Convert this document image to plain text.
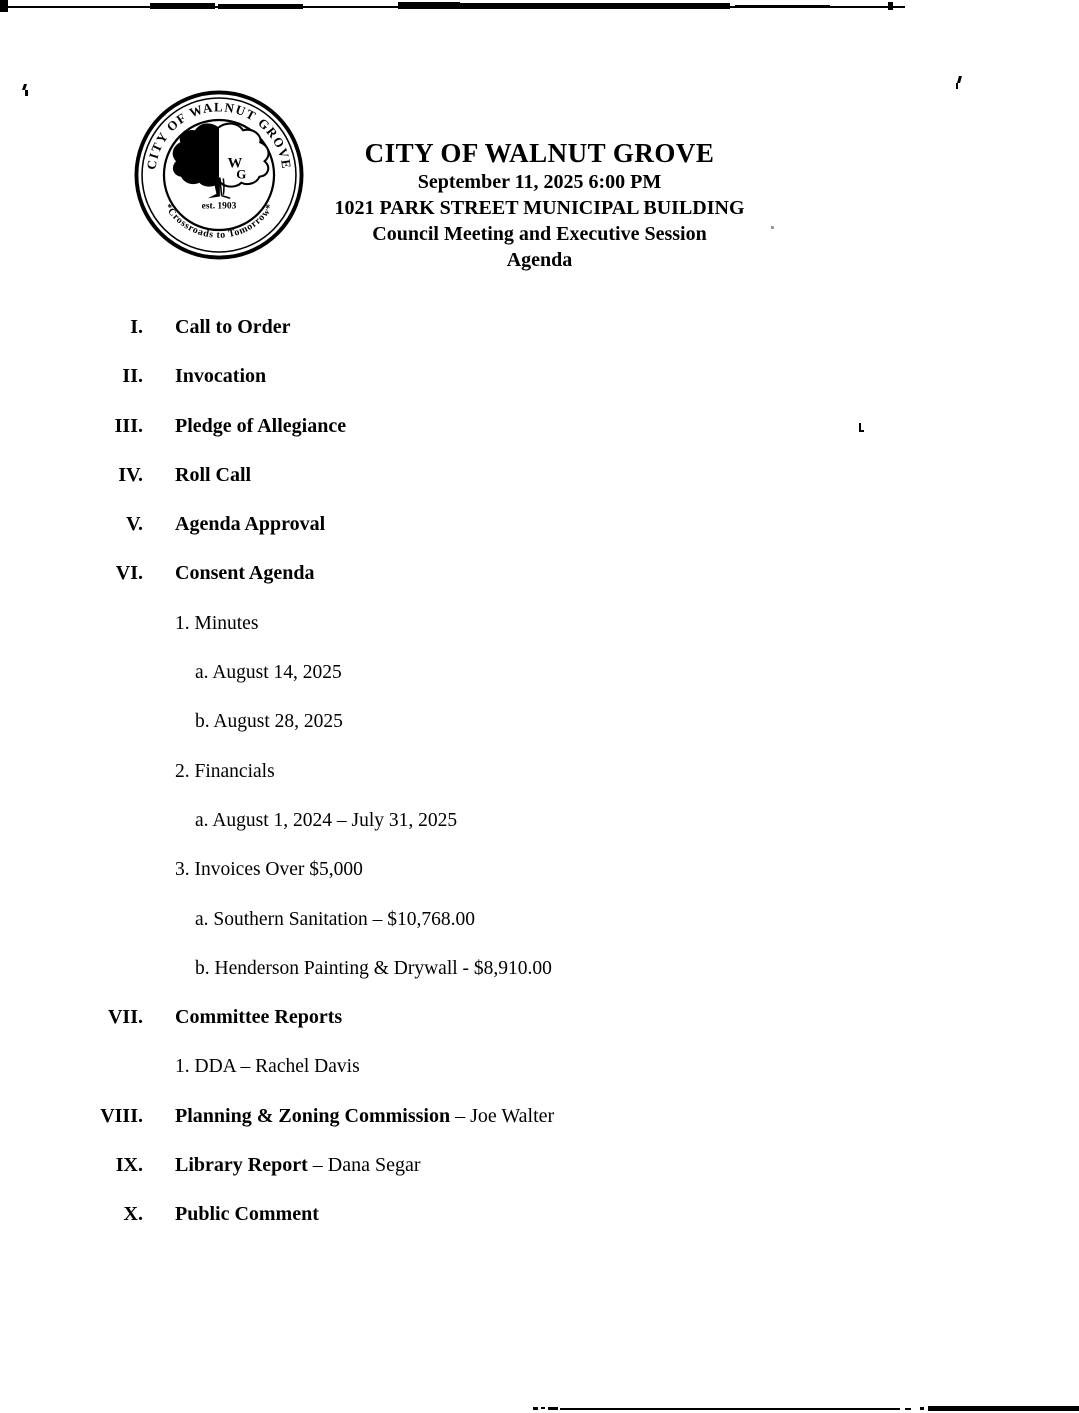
CITY OF WALNUT GROVE
*Crossroads to Tomorrow*
W
G
est. 1903
CITY OF WALNUT GROVE
September 11, 2025 6:00 PM
1021 PARK STREET MUNICIPAL BUILDING
Council Meeting and Executive Session
Agenda
I. Call to Order
II. Invocation
III. Pledge of Allegiance
IV. Roll Call
V. Agenda Approval
VI. Consent Agenda
1. Minutes
a. August 14, 2025
b. August 28, 2025
2. Financials
a. August 1, 2024 – July 31, 2025
3. Invoices Over $5,000
a. Southern Sanitation – $10,768.00
b. Henderson Painting & Drywall - $8,910.00
VII. Committee Reports
1. DDA – Rachel Davis
VIII. Planning & Zoning Commission – Joe Walter
IX. Library Report – Dana Segar
X. Public Comment
